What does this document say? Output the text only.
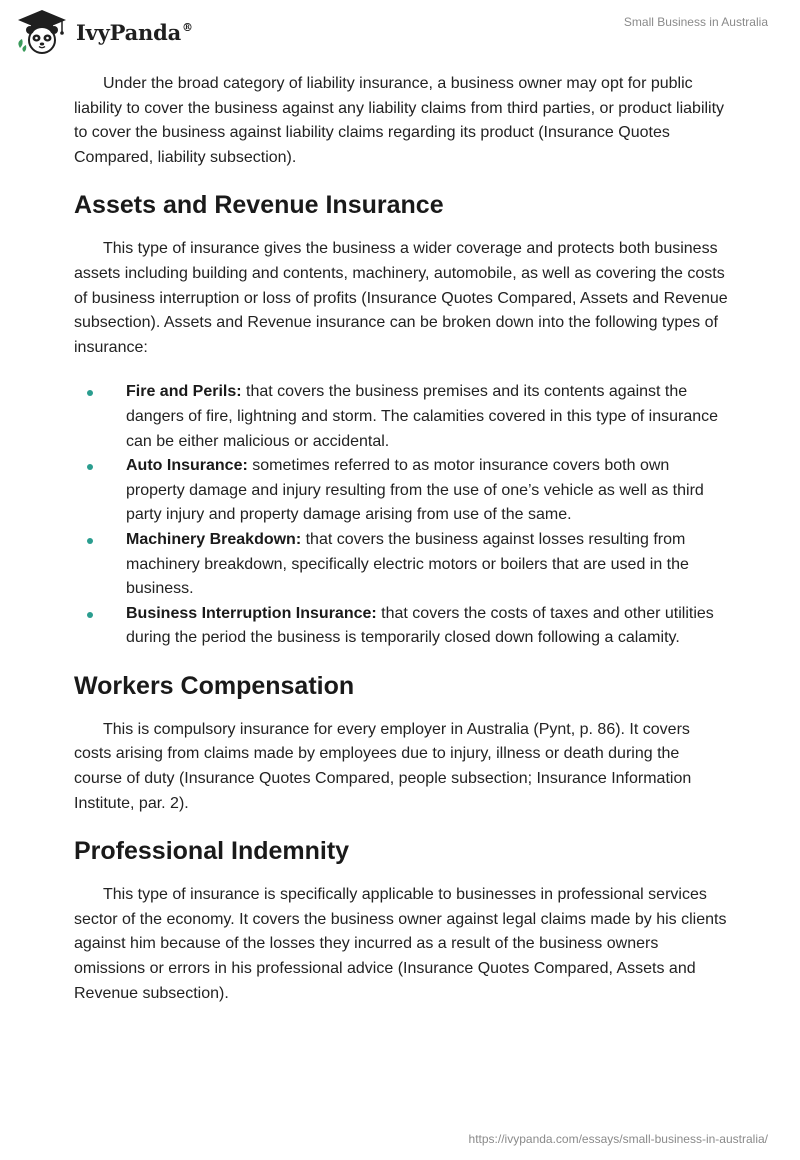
IvyPanda®	Small Business in Australia

Under the broad category of liability insurance, a business owner may opt for public liability to cover the business against any liability claims from third parties, or product liability to cover the business against liability claims regarding its product (Insurance Quotes Compared, liability subsection).

Assets and Revenue Insurance

This type of insurance gives the business a wider coverage and protects both business assets including building and contents, machinery, automobile, as well as covering the costs of business interruption or loss of profits (Insurance Quotes Compared, Assets and Revenue subsection). Assets and Revenue insurance can be broken down into the following types of insurance:

Fire and Perils: that covers the business premises and its contents against the dangers of fire, lightning and storm. The calamities covered in this type of insurance can be either malicious or accidental.
Auto Insurance: sometimes referred to as motor insurance covers both own property damage and injury resulting from the use of one’s vehicle as well as third party injury and property damage arising from use of the same.
Machinery Breakdown: that covers the business against losses resulting from machinery breakdown, specifically electric motors or boilers that are used in the business.
Business Interruption Insurance: that covers the costs of taxes and other utilities during the period the business is temporarily closed down following a calamity.
Workers Compensation

This is compulsory insurance for every employer in Australia (Pynt, p. 86). It covers costs arising from claims made by employees due to injury, illness or death during the course of duty (Insurance Quotes Compared, people subsection; Insurance Information Institute, par. 2).

Professional Indemnity

This type of insurance is specifically applicable to businesses in professional services sector of the economy. It covers the business owner against legal claims made by his clients against him because of the losses they incurred as a result of the business owners omissions or errors in his professional advice (Insurance Quotes Compared, Assets and Revenue subsection).

https://ivypanda.com/essays/small-business-in-australia/
